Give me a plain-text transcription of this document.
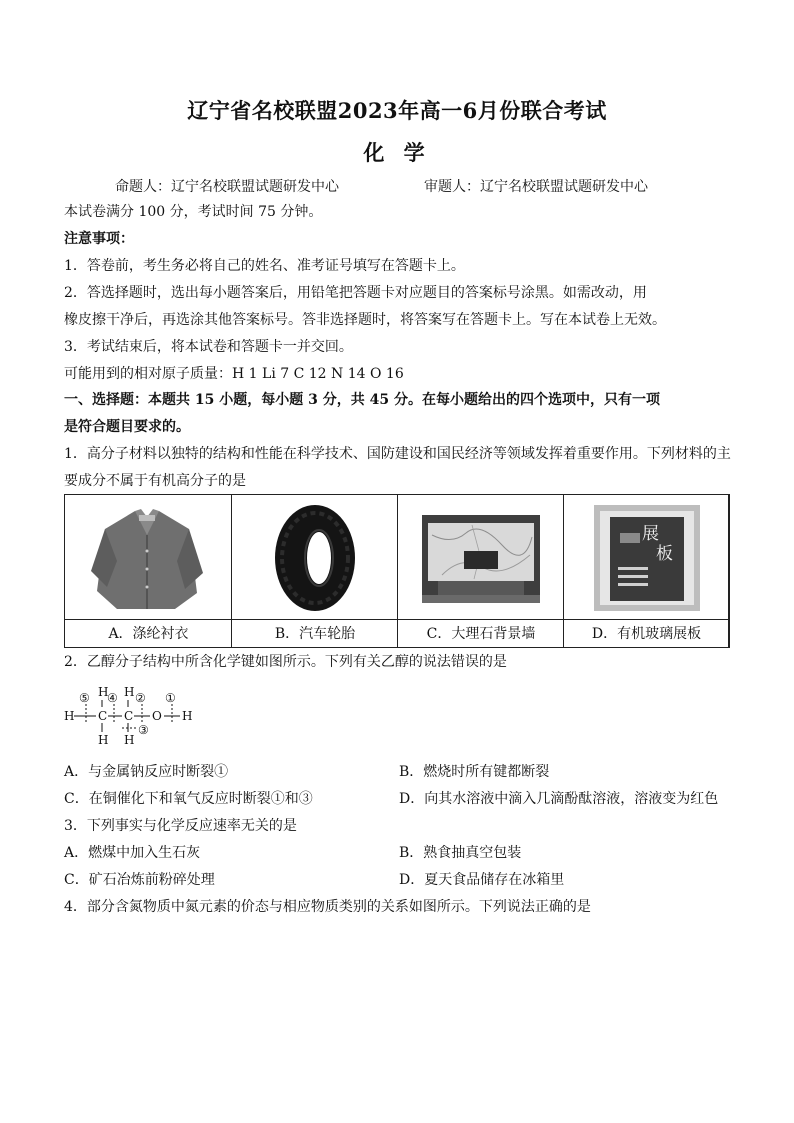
辽宁省名校联盟2023年高一6月份联合考试
化 学
命题人：辽宁名校联盟试题研发中心	审题人：辽宁名校联盟试题研发中心
本试卷满分 100 分，考试时间 75 分钟。
注意事项：
1．答卷前，考生务必将自己的姓名、准考证号填写在答题卡上。
2．答选择题时，选出每小题答案后，用铅笔把答题卡对应题目的答案标号涂黑。如需改动，用
橡皮擦干净后，再选涂其他答案标号。答非选择题时，将答案写在答题卡上。写在本试卷上无效。
3．考试结束后，将本试卷和答题卡一并交回。
可能用到的相对原子质量：H 1 Li 7 C 12 N 14 O 16
一、选择题：本题共 15 小题，每小题 3 分，共 45 分。在每小题给出的四个选项中，只有一项
是符合题目要求的。
1．高分子材料以独特的结构和性能在科学技术、国防建设和国民经济等领域发挥着重要作用。下列材料的主
要成分不属于有机高分子的是
展
板
A．涤纶衬衣	B．汽车轮胎	C．大理石背景墙	D．有机玻璃展板
2．乙醇分子结构中所含化学键如图所示。下列有关乙醇的说法错误的是
H C C O H
H H
H H
⑤ ④ ② ①
③
A．与金属钠反应时断裂①	B．燃烧时所有键都断裂
C．在铜催化下和氧气反应时断裂①和③	D．向其水溶液中滴入几滴酚酞溶液，溶液变为红色
3．下列事实与化学反应速率无关的是
A．燃煤中加入生石灰	B．熟食抽真空包装
C．矿石冶炼前粉碎处理	D．夏天食品储存在冰箱里
4．部分含氮物质中氮元素的价态与相应物质类别的关系如图所示。下列说法正确的是
